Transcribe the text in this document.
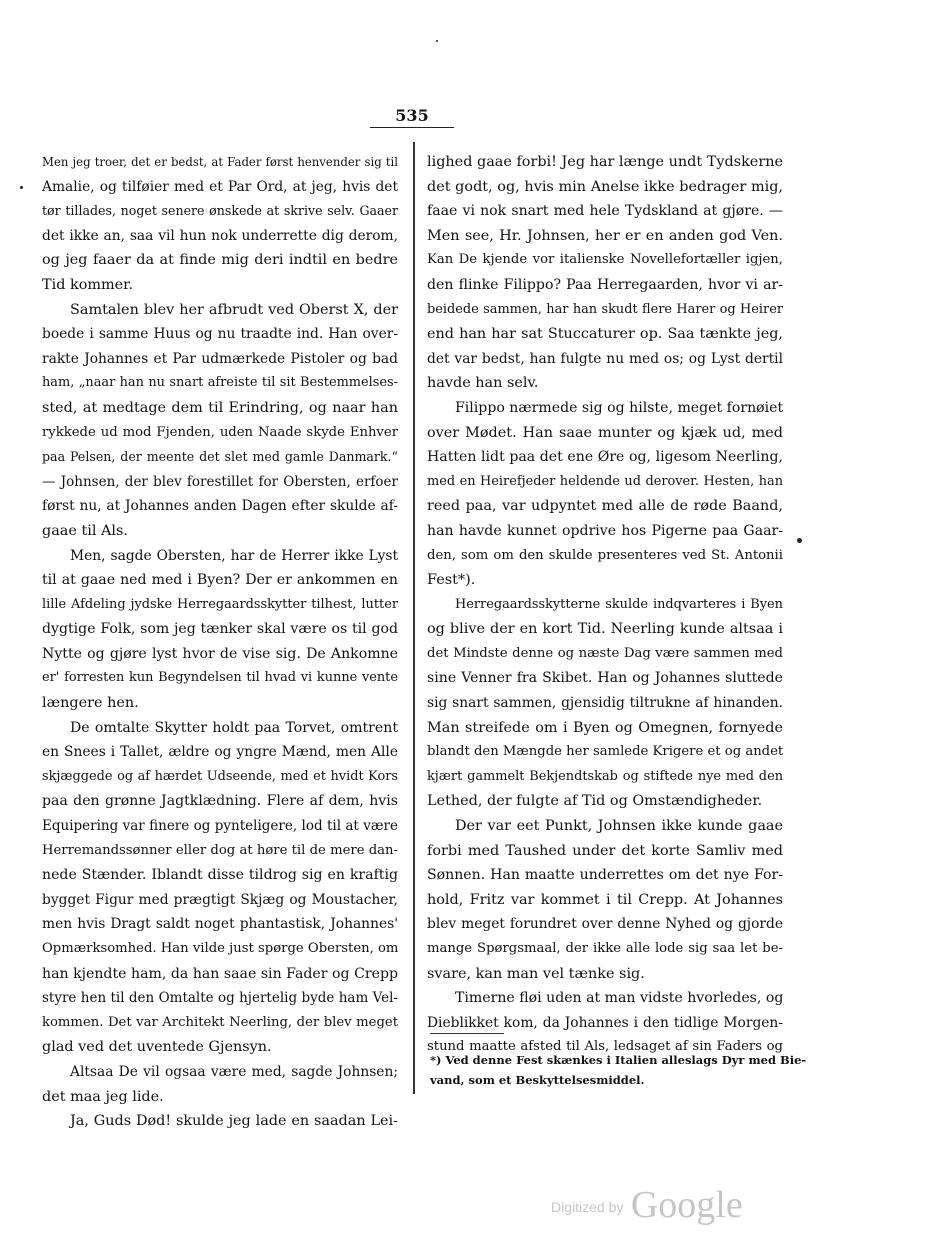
535
Men jeg troer, det er bedst, at Fader først henvender sig til
Amalie, og tilføier med et Par Ord, at jeg, hvis det
tør tillades, noget senere ønskede at skrive selv. Gaaer
det ikke an, saa vil hun nok underrette dig derom,
og jeg faaer da at finde mig deri indtil en bedre
Tid kommer.
Samtalen blev her afbrudt ved Oberst X, der
boede i samme Huus og nu traadte ind. Han over-
rakte Johannes et Par udmærkede Pistoler og bad
ham, „naar han nu snart afreiste til sit Bestemmelses-
sted, at medtage dem til Erindring, og naar han
rykkede ud mod Fjenden, uden Naade skyde Enhver
paa Pelsen, der meente det slet med gamle Danmark.“
— Johnsen, der blev forestillet for Obersten, erfoer
først nu, at Johannes anden Dagen efter skulde af-
gaae til Als.
Men, sagde Obersten, har de Herrer ikke Lyst
til at gaae ned med i Byen? Der er ankommen en
lille Afdeling jydske Herregaardsskytter tilhest, lutter
dygtige Folk, som jeg tænker skal være os til god
Nytte og gjøre lyst hvor de vise sig. De Ankomne
er' forresten kun Begyndelsen til hvad vi kunne vente
længere hen.
De omtalte Skytter holdt paa Torvet, omtrent
en Snees i Tallet, ældre og yngre Mænd, men Alle
skjæggede og af hærdet Udseende, med et hvidt Kors
paa den grønne Jagtklædning. Flere af dem, hvis
Equipering var finere og pynteligere, lod til at være
Herremandssønner eller dog at høre til de mere dan-
nede Stænder. Iblandt disse tildrog sig en kraftig
bygget Figur med prægtigt Skjæg og Moustacher,
men hvis Dragt saldt noget phantastisk, Johannes'
Opmærksomhed. Han vilde just spørge Obersten, om
han kjendte ham, da han saae sin Fader og Crepp
styre hen til den Omtalte og hjertelig byde ham Vel-
kommen. Det var Architekt Neerling, der blev meget
glad ved det uventede Gjensyn.
Altsaa De vil ogsaa være med, sagde Johnsen;
det maa jeg lide.
Ja, Guds Død! skulde jeg lade en saadan Lei-
lighed gaae forbi! Jeg har længe undt Tydskerne
det godt, og, hvis min Anelse ikke bedrager mig,
faae vi nok snart med hele Tydskland at gjøre. —
Men see, Hr. Johnsen, her er en anden god Ven.
Kan De kjende vor italienske Novellefortæller igjen,
den flinke Filippo? Paa Herregaarden, hvor vi ar-
beidede sammen, har han skudt flere Harer og Heirer
end han har sat Stuccaturer op. Saa tænkte jeg,
det var bedst, han fulgte nu med os; og Lyst dertil
havde han selv.
Filippo nærmede sig og hilste, meget fornøiet
over Mødet. Han saae munter og kjæk ud, med
Hatten lidt paa det ene Øre og, ligesom Neerling,
med en Heirefjeder heldende ud derover. Hesten, han
reed paa, var udpyntet med alle de røde Baand,
han havde kunnet opdrive hos Pigerne paa Gaar-
den, som om den skulde presenteres ved St. Antonii
Fest*).
Herregaardsskytterne skulde indqvarteres i Byen
og blive der en kort Tid. Neerling kunde altsaa i
det Mindste denne og næste Dag være sammen med
sine Venner fra Skibet. Han og Johannes sluttede
sig snart sammen, gjensidig tiltrukne af hinanden.
Man streifede om i Byen og Omegnen, fornyede
blandt den Mængde her samlede Krigere et og andet
kjært gammelt Bekjendtskab og stiftede nye med den
Lethed, der fulgte af Tid og Omstændigheder.
Der var eet Punkt, Johnsen ikke kunde gaae
forbi med Taushed under det korte Samliv med
Sønnen. Han maatte underrettes om det nye For-
hold, Fritz var kommet i til Crepp. At Johannes
blev meget forundret over denne Nyhed og gjorde
mange Spørgsmaal, der ikke alle lode sig saa let be-
svare, kan man vel tænke sig.
Timerne fløi uden at man vidste hvorledes, og
Dieblikket kom, da Johannes i den tidlige Morgen-
stund maatte afsted til Als, ledsaget af sin Faders og
*) Ved denne Fest skænkes i Italien alleslags Dyr med Bie-
vand, som et Beskyttelsesmiddel.
Digitized by Google
